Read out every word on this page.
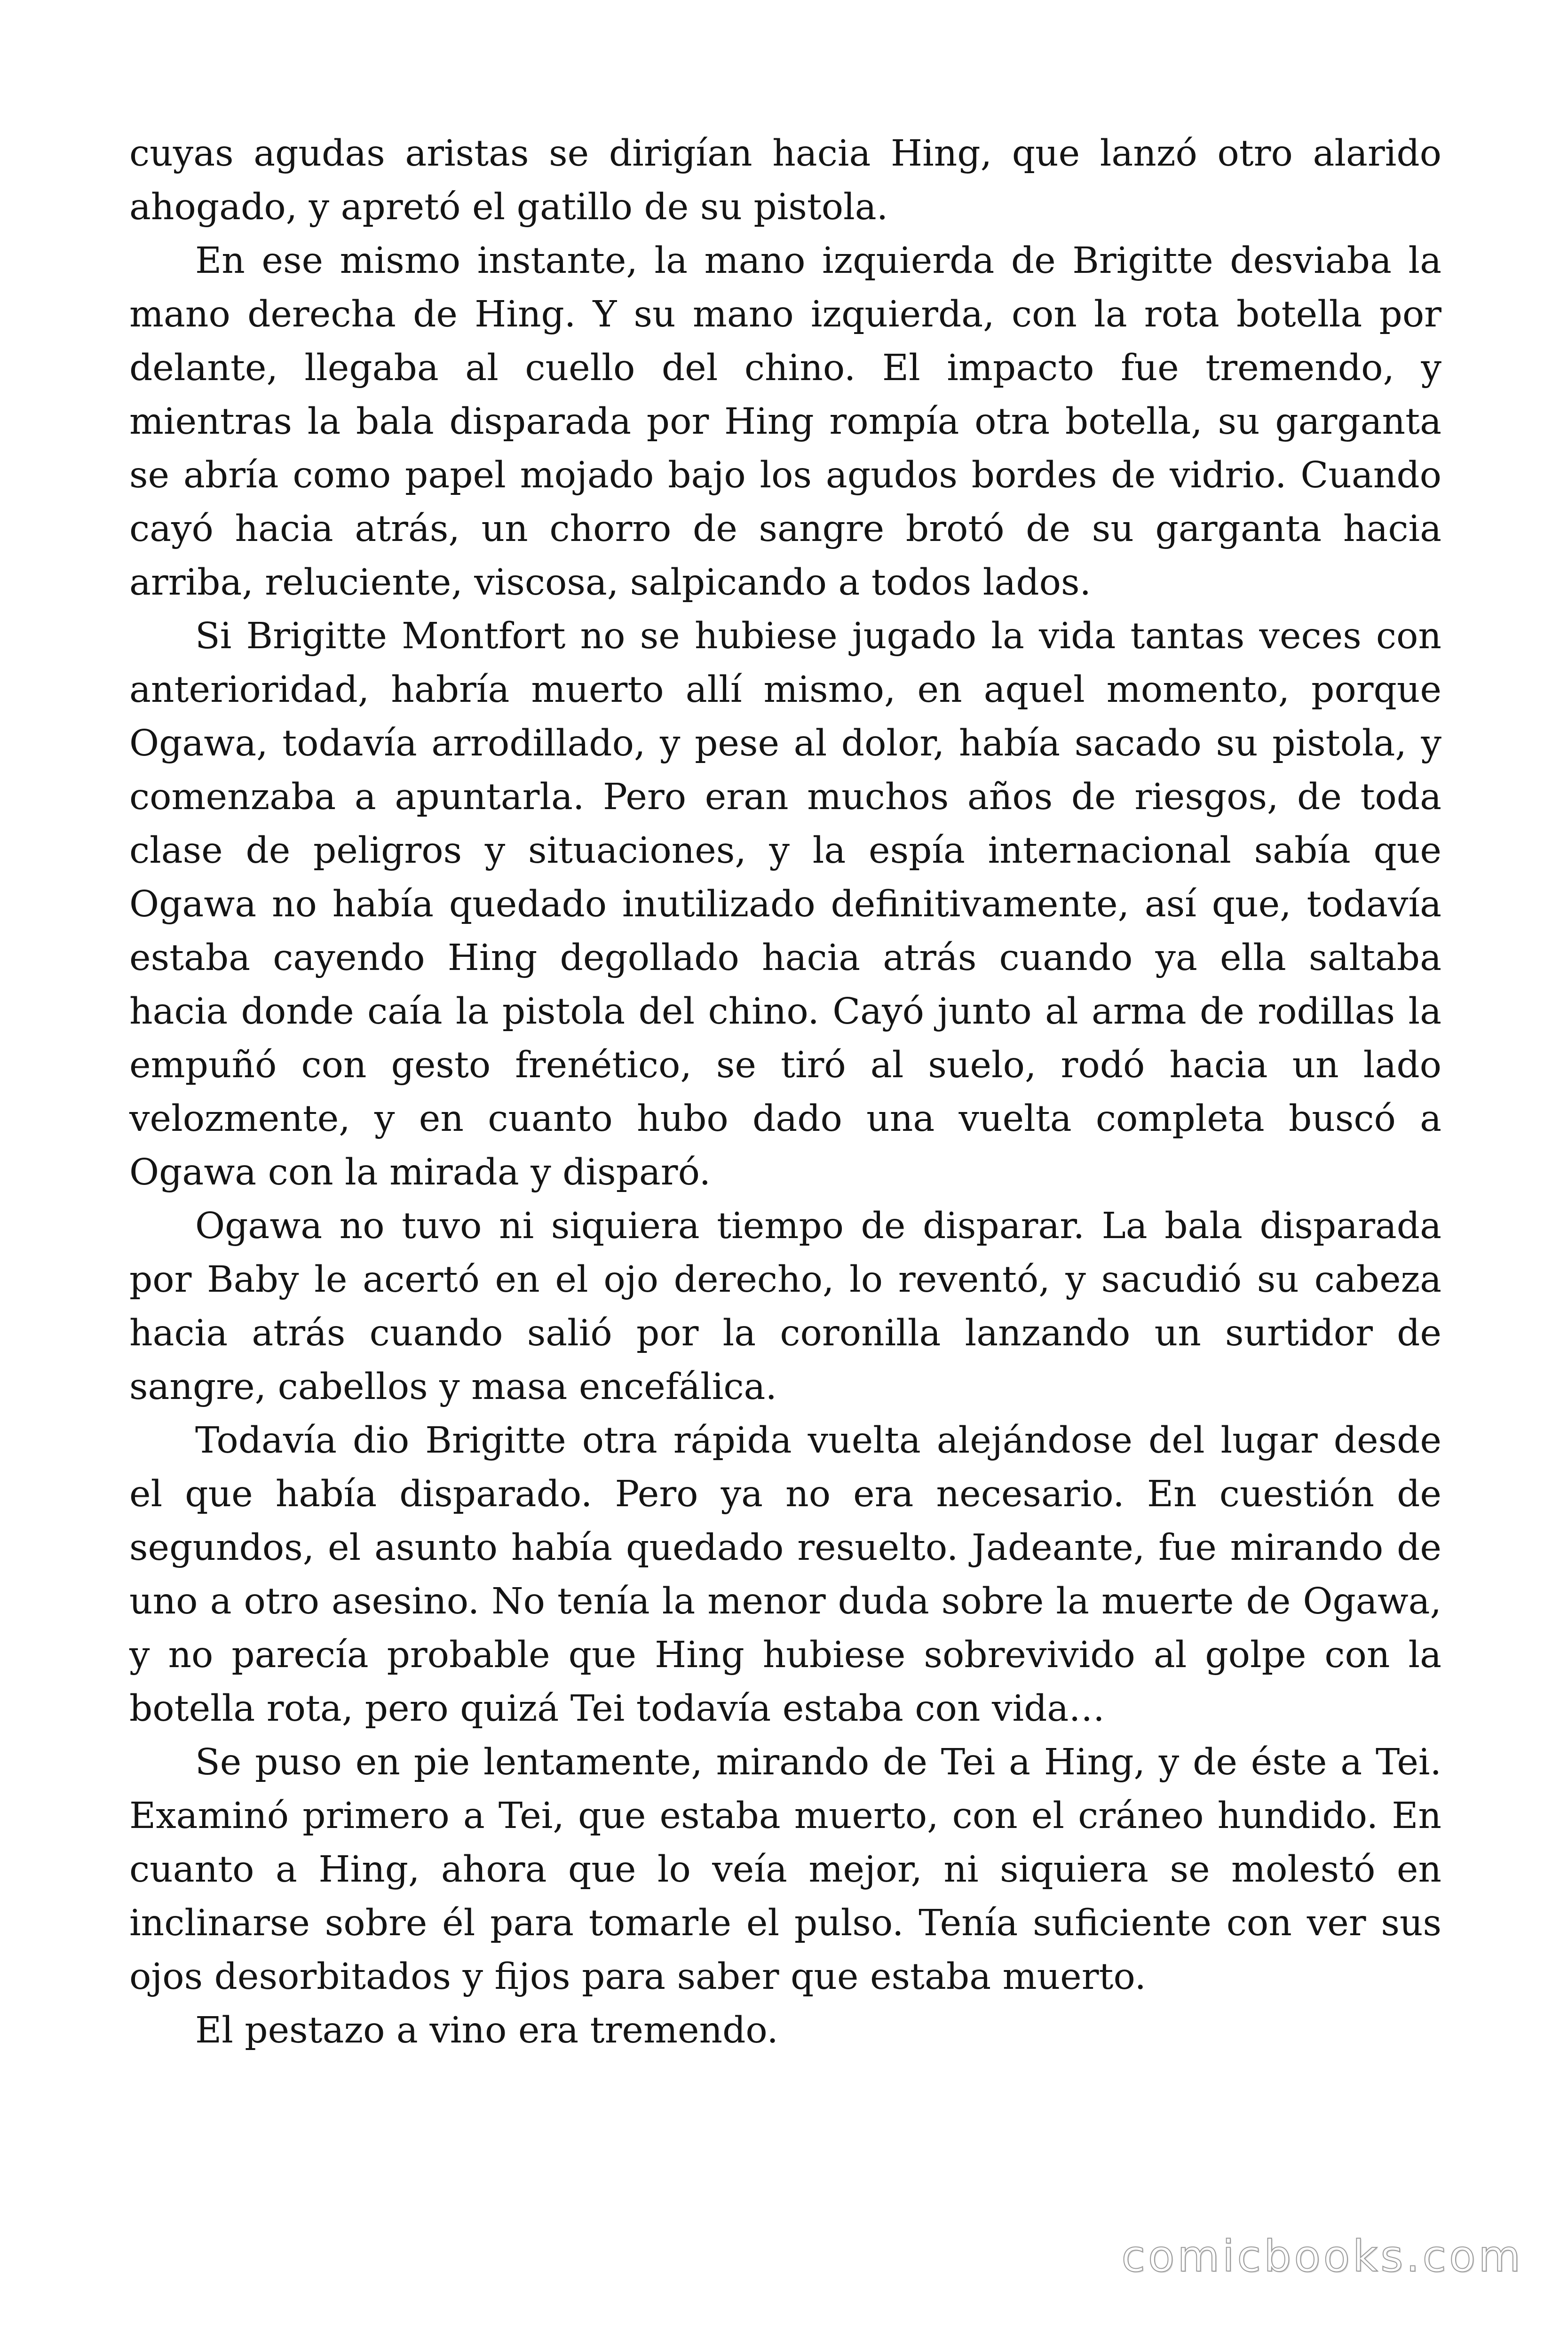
cuyas agudas aristas se dirigían hacia Hing, que lanzó otro alarido ahogado, y apretó el gatillo de su pistola.

En ese mismo instante, la mano izquierda de Brigitte desviaba la mano derecha de Hing. Y su mano izquierda, con la rota botella por delante, llegaba al cuello del chino. El impacto fue tremendo, y mientras la bala disparada por Hing rompía otra botella, su garganta se abría como papel mojado bajo los agudos bordes de vidrio. Cuando cayó hacia atrás, un chorro de sangre brotó de su garganta hacia arriba, reluciente, viscosa, salpicando a todos lados.

Si Brigitte Montfort no se hubiese jugado la vida tantas veces con anterioridad, habría muerto allí mismo, en aquel momento, porque Ogawa, todavía arrodillado, y pese al dolor, había sacado su pistola, y comenzaba a apuntarla. Pero eran muchos años de riesgos, de toda clase de peligros y situaciones, y la espía internacional sabía que Ogawa no había quedado inutilizado definitivamente, así que, todavía estaba cayendo Hing degollado hacia atrás cuando ya ella saltaba hacia donde caía la pistola del chino. Cayó junto al arma de rodillas la empuñó con gesto frenético, se tiró al suelo, rodó hacia un lado velozmente, y en cuanto hubo dado una vuelta completa buscó a Ogawa con la mirada y disparó.

Ogawa no tuvo ni siquiera tiempo de disparar. La bala disparada por Baby le acertó en el ojo derecho, lo reventó, y sacudió su cabeza hacia atrás cuando salió por la coronilla lanzando un surtidor de sangre, cabellos y masa encefálica.

Todavía dio Brigitte otra rápida vuelta alejándose del lugar desde el que había disparado. Pero ya no era necesario. En cuestión de segundos, el asunto había quedado resuelto. Jadeante, fue mirando de uno a otro asesino. No tenía la menor duda sobre la muerte de Ogawa, y no parecía probable que Hing hubiese sobrevivido al golpe con la botella rota, pero quizá Tei todavía estaba con vida…

Se puso en pie lentamente, mirando de Tei a Hing, y de éste a Tei. Examinó primero a Tei, que estaba muerto, con el cráneo hundido. En cuanto a Hing, ahora que lo veía mejor, ni siquiera se molestó en inclinarse sobre él para tomarle el pulso. Tenía suficiente con ver sus ojos desorbitados y fijos para saber que estaba muerto.

El pestazo a vino era tremendo.

comicbooks.com
